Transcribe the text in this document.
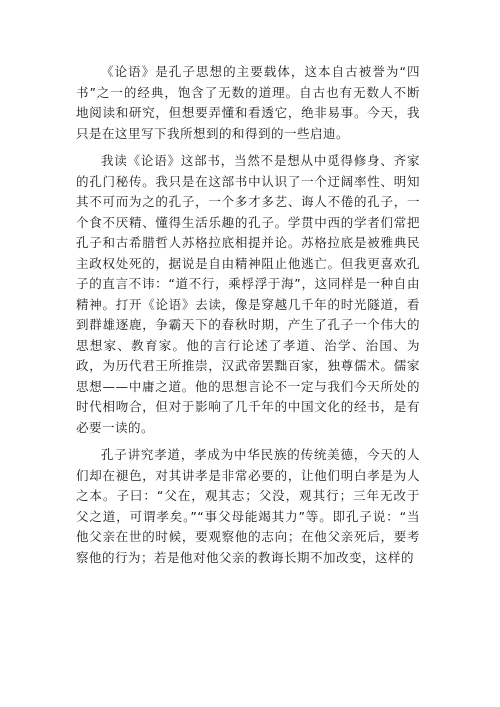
《论语》是孔子思想的主要载体，这本自古被誉为“四书”之一的经典，饱含了无数的道理。自古也有无数人不断地阅读和研究，但想要弄懂和看透它，绝非易事。今天，我只是在这里写下我所想到的和得到的一些启迪。

我读《论语》这部书，当然不是想从中觅得修身、齐家的孔门秘传。我只是在这部书中认识了一个迂阔率性、明知其不可而为之的孔子，一个多才多艺、诲人不倦的孔子，一个食不厌精、懂得生活乐趣的孔子。学贯中西的学者们常把孔子和古希腊哲人苏格拉底相提并论。苏格拉底是被雅典民主政权处死的，据说是自由精神阻止他逃亡。但我更喜欢孔子的直言不讳：“道不行，乘桴浮于海”，这同样是一种自由精神。打开《论语》去读，像是穿越几千年的时光隧道，看到群雄逐鹿，争霸天下的春秋时期，产生了孔子一个伟大的思想家、教育家。他的言行论述了孝道、治学、治国、为政，为历代君王所推崇，汉武帝罢黜百家，独尊儒术。儒家思想——中庸之道。他的思想言论不一定与我们今天所处的时代相吻合，但对于影响了几千年的中国文化的经书，是有必要一读的。

孔子讲究孝道，孝成为中华民族的传统美德，今天的人们却在褪色，对其讲孝是非常必要的，让他们明白孝是为人之本。子曰：“父在，观其志；父没，观其行；三年无改于父之道，可谓孝矣。”“事父母能竭其力”等。即孔子说：“当他父亲在世的时候，要观察他的志向；在他父亲死后，要考察他的行为；若是他对他父亲的教诲长期不加改变，这样的
